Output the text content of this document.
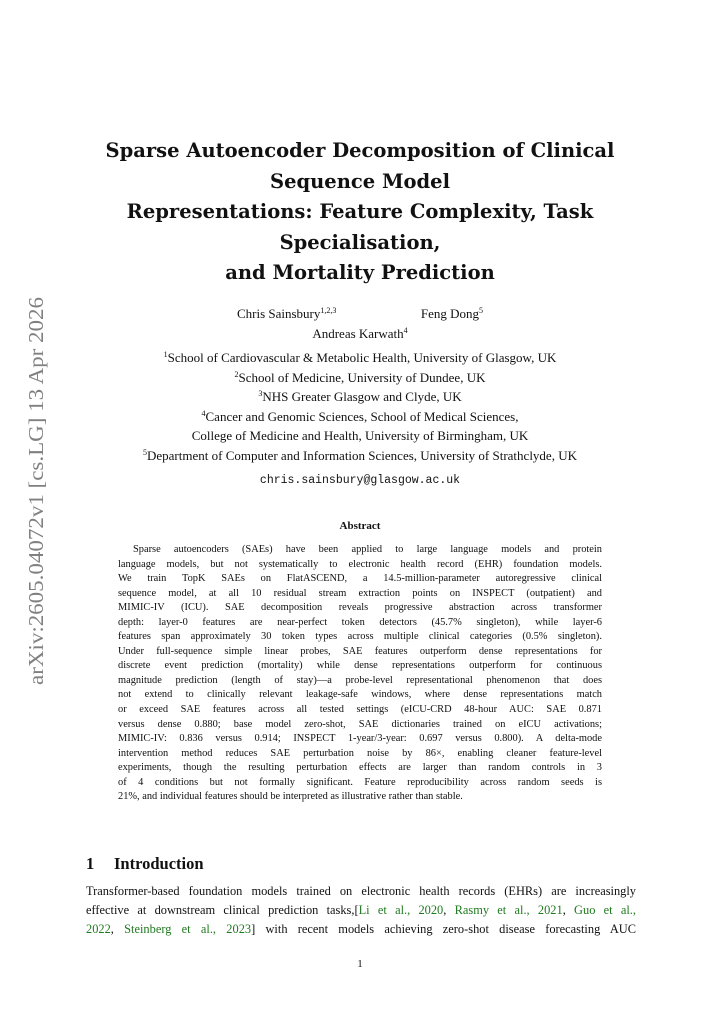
arXiv:2605.04072v1 [cs.LG] 13 Apr 2026
Sparse Autoencoder Decomposition of Clinical
Sequence Model
Representations: Feature Complexity, Task
Specialisation,
and Mortality Prediction
Chris Sainsbury$^{1,2,3}$	Feng Dong$^5$
Andreas Karwath$^4$
$^1$School of Cardiovascular & Metabolic Health, University of Glasgow, UK
$^2$School of Medicine, University of Dundee, UK
$^3$NHS Greater Glasgow and Clyde, UK
$^4$Cancer and Genomic Sciences, School of Medical Sciences,
College of Medicine and Health, University of Birmingham, UK
$^5$Department of Computer and Information Sciences, University of Strathclyde, UK
chris.sainsbury@glasgow.ac.uk
Abstract
Sparse autoencoders (SAEs) have been applied to large language models and protein
language models, but not systematically to electronic health record (EHR) foundation models.
We train TopK SAEs on FlatASCEND, a 14.5-million-parameter autoregressive clinical
sequence model, at all 10 residual stream extraction points on INSPECT (outpatient) and
MIMIC-IV (ICU). SAE decomposition reveals progressive abstraction across transformer
depth: layer-0 features are near-perfect token detectors (45.7% singleton), while layer-6
features span approximately 30 token types across multiple clinical categories (0.5% singleton).
Under full-sequence simple linear probes, SAE features outperform dense representations for
discrete event prediction (mortality) while dense representations outperform for continuous
magnitude prediction (length of stay)—a probe-level representational phenomenon that does
not extend to clinically relevant leakage-safe windows, where dense representations match
or exceed SAE features across all tested settings (eICU-CRD 48-hour AUC: SAE 0.871
versus dense 0.880; base model zero-shot, SAE dictionaries trained on eICU activations;
MIMIC-IV: 0.836 versus 0.914; INSPECT 1-year/3-year: 0.697 versus 0.800). A delta-mode
intervention method reduces SAE perturbation noise by 86×, enabling cleaner feature-level
experiments, though the resulting perturbation effects are larger than random controls in 3
of 4 conditions but not formally significant. Feature reproducibility across random seeds is
21%, and individual features should be interpreted as illustrative rather than stable.
1 Introduction
Transformer-based foundation models trained on electronic health records (EHRs) are increasingly
effective at downstream clinical prediction tasks,[Li et al., 2020, Rasmy et al., 2021, Guo et al.,
2022, Steinberg et al., 2023] with recent models achieving zero-shot disease forecasting AUC
1
